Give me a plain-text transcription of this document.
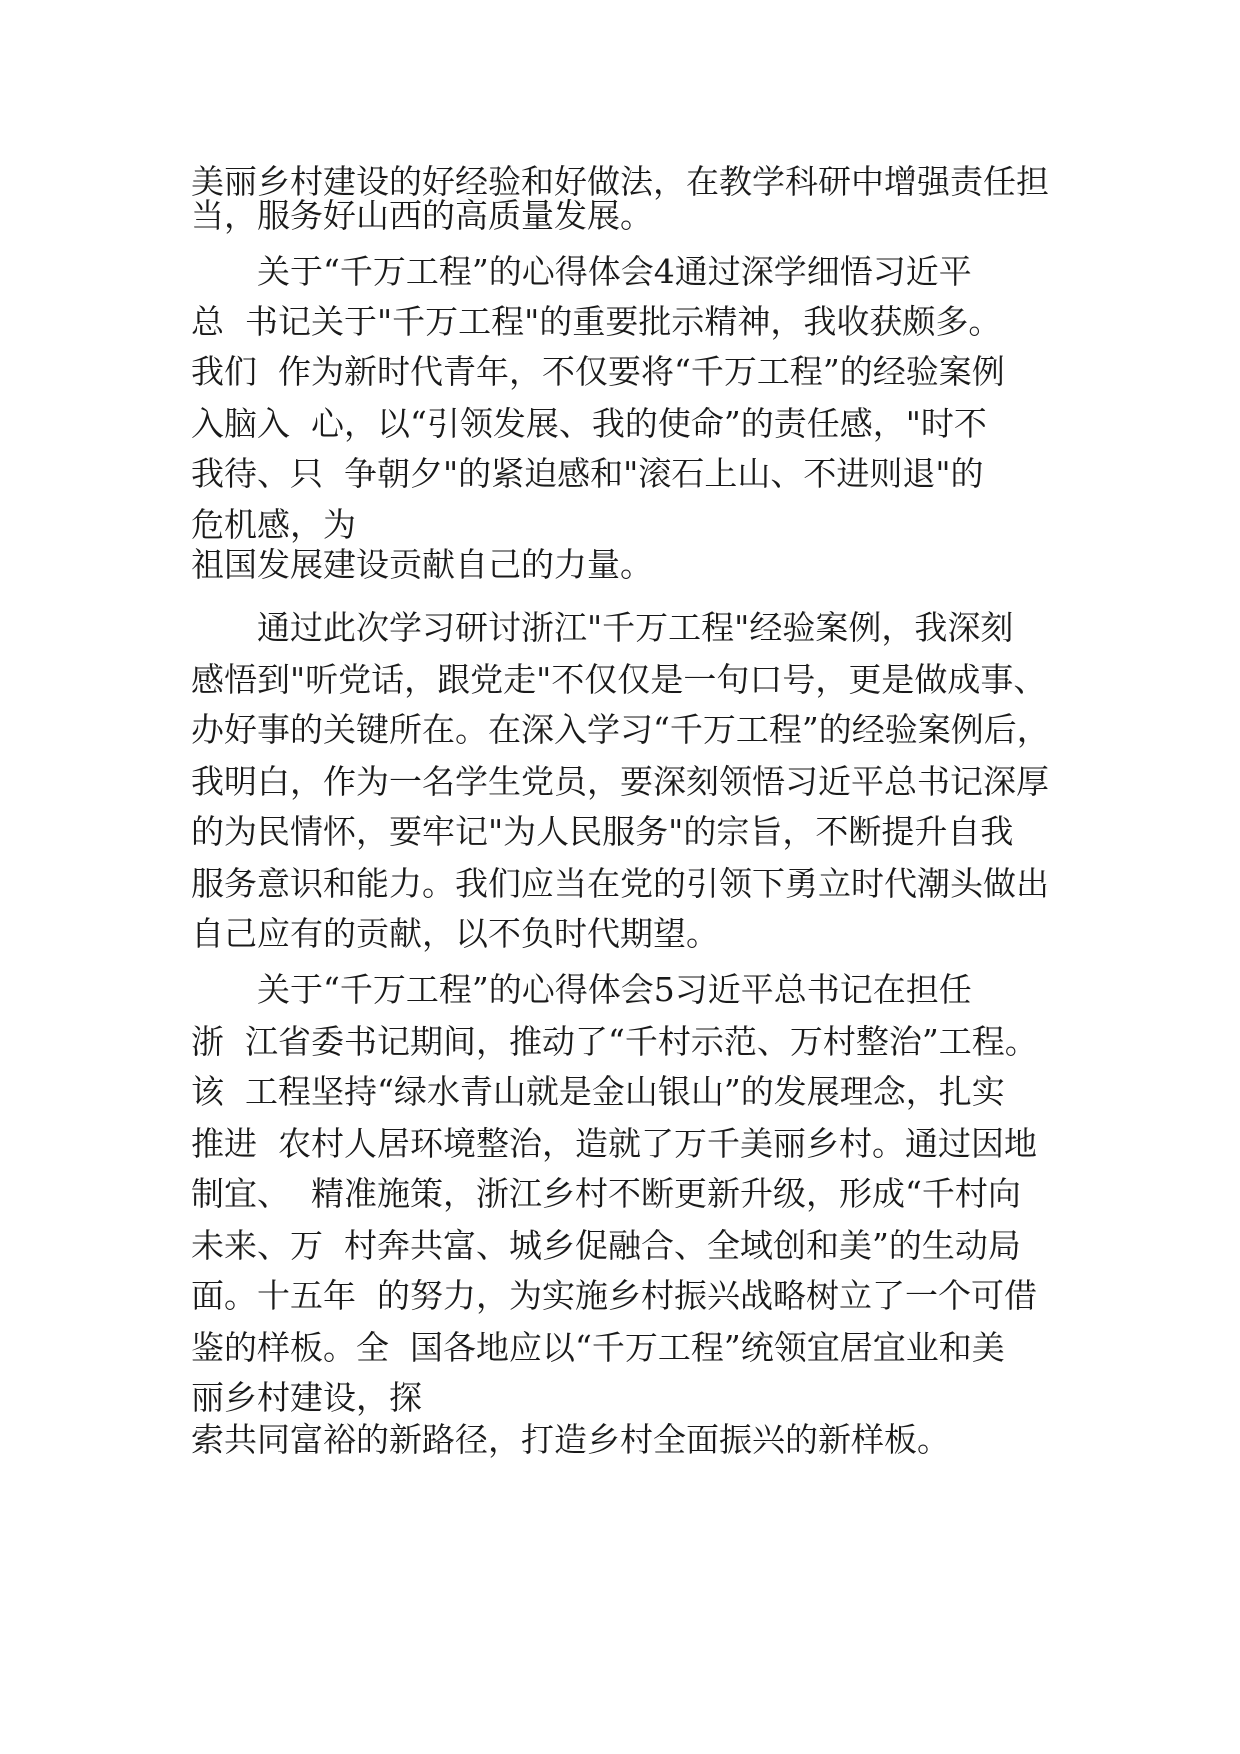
美丽乡村建设的好经验和好做法，在教学科研中增强责任担

当，服务好山西的高质量发展。

　　关于“千万工程”的心得体会4通过深学细悟习近平

总  书记关于"千万工程"的重要批示精神，我收获颇多。

我们  作为新时代青年，不仅要将“千万工程”的经验案例

入脑入  心，以“引领发展、我的使命”的责任感，"时不

我待、只  争朝夕"的紧迫感和"滚石上山、不进则退"的

危机感，为

祖国发展建设贡献自己的力量。

　　通过此次学习研讨浙江"千万工程"经验案例，我深刻

感悟到"听党话，跟党走"不仅仅是一句口号，更是做成事、

办好事的关键所在。在深入学习“千万工程”的经验案例后，

我明白，作为一名学生党员，要深刻领悟习近平总书记深厚

的为民情怀，要牢记"为人民服务"的宗旨，不断提升自我

服务意识和能力。我们应当在党的引领下勇立时代潮头做出

自己应有的贡献，以不负时代期望。

　　关于“千万工程”的心得体会5习近平总书记在担任

浙  江省委书记期间，推动了“千村示范、万村整治”工程。

该  工程坚持“绿水青山就是金山银山”的发展理念，扎实

推进  农村人居环境整治，造就了万千美丽乡村。通过因地

制宜、  精准施策，浙江乡村不断更新升级，形成“千村向

未来、万  村奔共富、城乡促融合、全域创和美”的生动局

面。十五年  的努力，为实施乡村振兴战略树立了一个可借

鉴的样板。全  国各地应以“千万工程”统领宜居宜业和美

丽乡村建设，探

索共同富裕的新路径，打造乡村全面振兴的新样板。
